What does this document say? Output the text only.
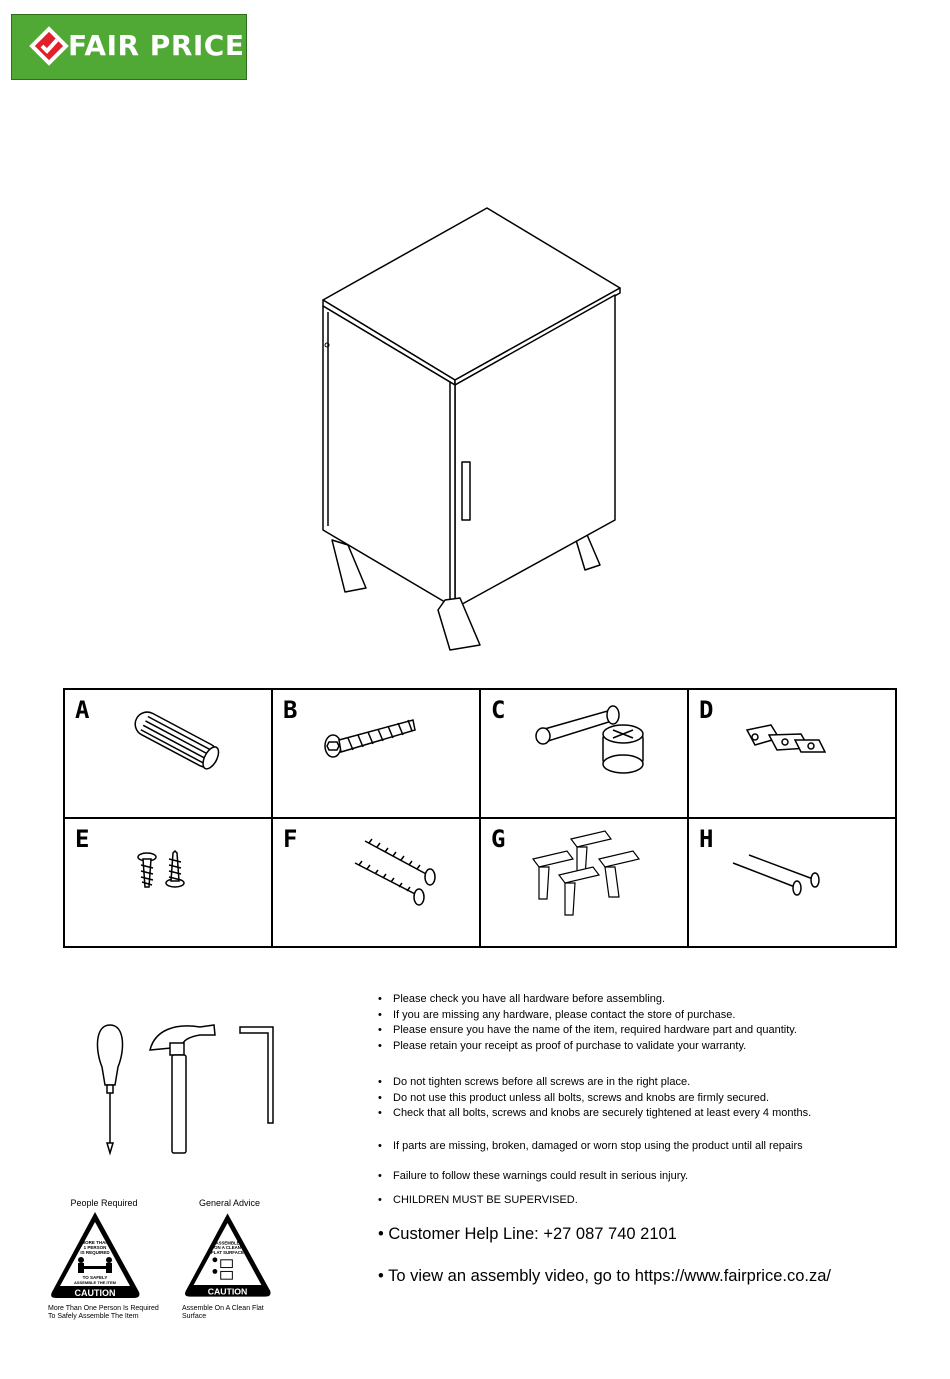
FAIR PRICE
A	B	C	D

E	F	G	H
• Please check you have all hardware before assembling.
• If you are missing any hardware, please contact the store of purchase.
• Please ensure you have the name of the item, required hardware part and quantity.
• Please retain your receipt as proof of purchase to validate your warranty.
• Do not tighten screws before all screws are in the right place.
• Do not use this product unless all bolts, screws and knobs are firmly secured.
• Check that all bolts, screws and knobs are securely tightened at least every 4 months.
• If parts are missing, broken, damaged or worn stop using the product until all repairs
• Failure to follow these warnings could result in serious injury.
• CHILDREN MUST BE SUPERVISED.
• Customer Help Line: +27 087 740 2101
• To view an assembly video, go to https://www.fairprice.co.za/
People Required
MORE THAN
1 PERSON
IS REQUIRED
TO SAFELY
ASSEMBLE THE ITEM
CAUTION
More Than One Person Is Required To Safely Assemble The Item
General Advice
ASSEMBLE
ON A CLEAN
FLAT SURFACE
CAUTION
Assemble On A Clean Flat Surface
